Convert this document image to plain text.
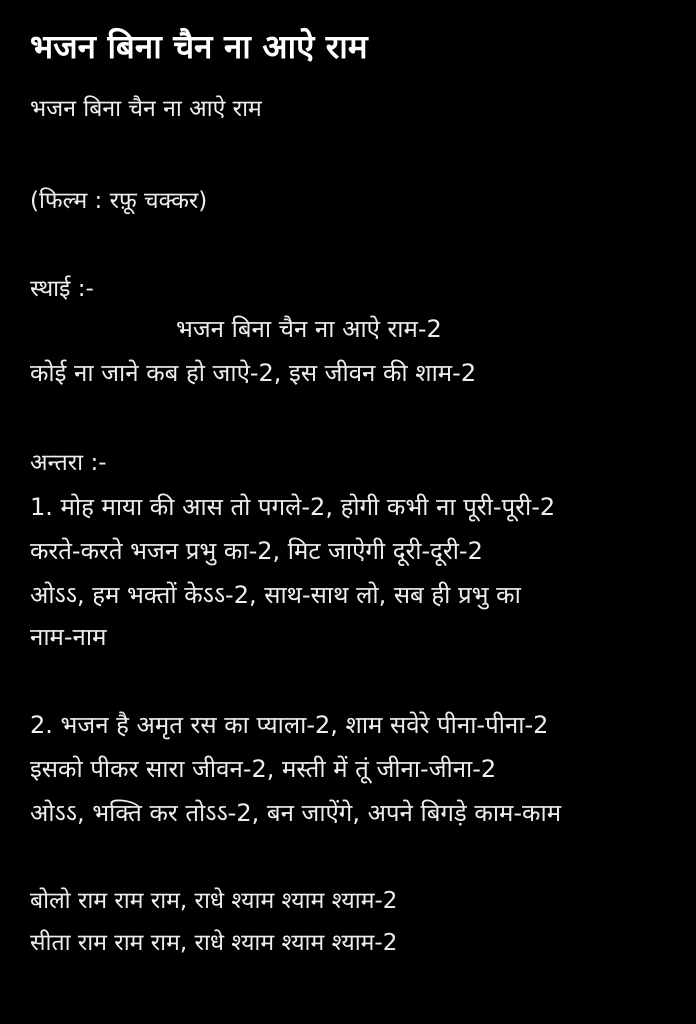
भजन बिना चैन ना आऐ राम
भजन बिना चैन ना आऐ राम
(फिल्म : रफ़ू चक्कर)
स्थाई :-
भजन बिना चैन ना आऐ राम-2
कोई ना जाने कब हो जाऐ-2, इस जीवन की शाम-2
अन्तरा :-
1. मोह माया की आस तो पगले-2, होगी कभी ना पूरी-पूरी-2
करते-करते भजन प्रभु का-2, मिट जाऐगी दूरी-दूरी-2
ओऽऽ, हम भक्तों केऽऽ-2, साथ-साथ लो, सब ही प्रभु का
नाम-नाम
2. भजन है अमृत रस का प्याला-2, शाम सवेरे पीना-पीना-2
इसको पीकर सारा जीवन-2, मस्ती में तूं जीना-जीना-2
ओऽऽ, भक्ति कर तोऽऽ-2, बन जाऐंगे, अपने बिगड़े काम-काम
बोलो राम राम राम, राधे श्याम श्याम श्याम-2
सीता राम राम राम, राधे श्याम श्याम श्याम-2
